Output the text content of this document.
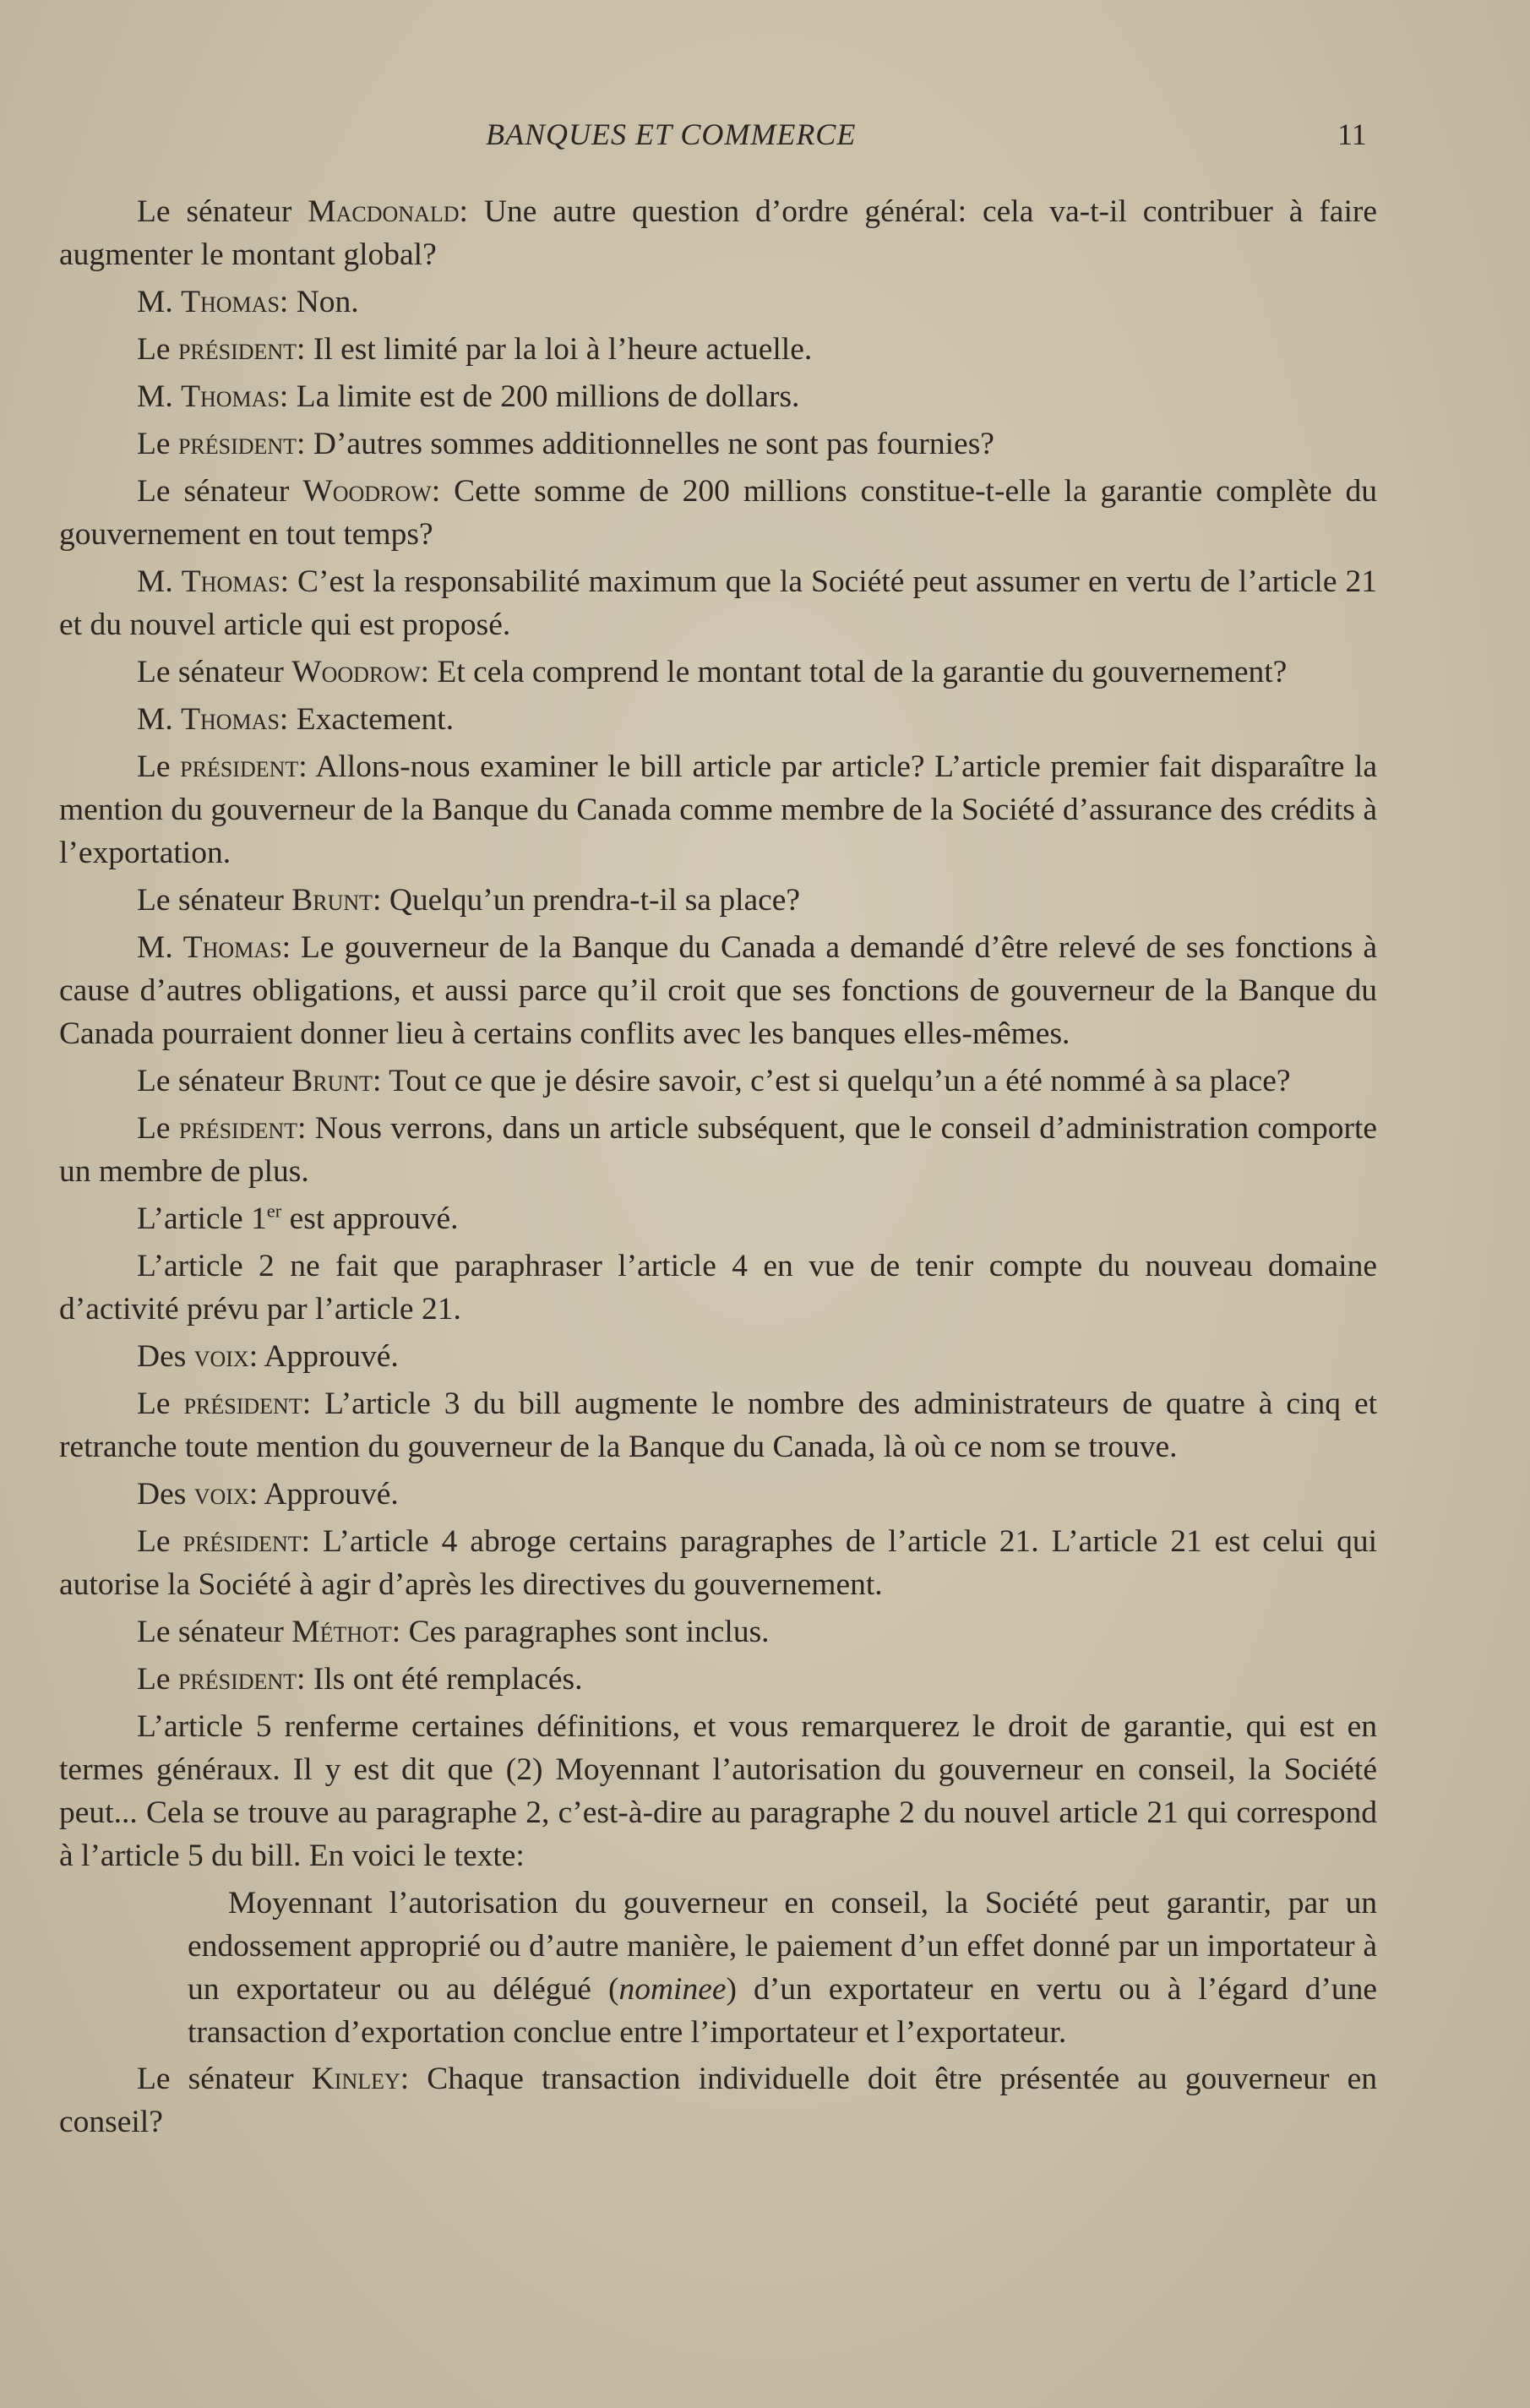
BANQUES ET COMMERCE	11

Le sénateur Macdonald: Une autre question d’ordre général: cela va-t-il contribuer à faire augmenter le montant global?

M. Thomas: Non.

Le président: Il est limité par la loi à l’heure actuelle.

M. Thomas: La limite est de 200 millions de dollars.

Le président: D’autres sommes additionnelles ne sont pas fournies?

Le sénateur Woodrow: Cette somme de 200 millions constitue-t-elle la garantie complète du gouvernement en tout temps?

M. Thomas: C’est la responsabilité maximum que la Société peut assumer en vertu de l’article 21 et du nouvel article qui est proposé.

Le sénateur Woodrow: Et cela comprend le montant total de la garantie du gouvernement?

M. Thomas: Exactement.

Le président: Allons-nous examiner le bill article par article? L’article premier fait disparaître la mention du gouverneur de la Banque du Canada comme membre de la Société d’assurance des crédits à l’exportation.

Le sénateur Brunt: Quelqu’un prendra-t-il sa place?

M. Thomas: Le gouverneur de la Banque du Canada a demandé d’être relevé de ses fonctions à cause d’autres obligations, et aussi parce qu’il croit que ses fonctions de gouverneur de la Banque du Canada pourraient donner lieu à certains conflits avec les banques elles-mêmes.

Le sénateur Brunt: Tout ce que je désire savoir, c’est si quelqu’un a été nommé à sa place?

Le président: Nous verrons, dans un article subséquent, que le conseil d’administration comporte un membre de plus.

L’article 1er est approuvé.

L’article 2 ne fait que paraphraser l’article 4 en vue de tenir compte du nouveau domaine d’activité prévu par l’article 21.

Des voix: Approuvé.

Le président: L’article 3 du bill augmente le nombre des administrateurs de quatre à cinq et retranche toute mention du gouverneur de la Banque du Canada, là où ce nom se trouve.

Des voix: Approuvé.

Le président: L’article 4 abroge certains paragraphes de l’article 21. L’article 21 est celui qui autorise la Société à agir d’après les directives du gouvernement.

Le sénateur Méthot: Ces paragraphes sont inclus.

Le président: Ils ont été remplacés.

L’article 5 renferme certaines définitions, et vous remarquerez le droit de garantie, qui est en termes généraux. Il y est dit que (2) Moyennant l’autorisation du gouverneur en conseil, la Société peut... Cela se trouve au paragraphe 2, c’est-à-dire au paragraphe 2 du nouvel article 21 qui correspond à l’article 5 du bill. En voici le texte:

Moyennant l’autorisation du gouverneur en conseil, la Société peut garantir, par un endossement approprié ou d’autre manière, le paiement d’un effet donné par un importateur à un exportateur ou au délégué (nominee) d’un exportateur en vertu ou à l’égard d’une transaction d’exportation conclue entre l’importateur et l’exportateur.

Le sénateur Kinley: Chaque transaction individuelle doit être présentée au gouverneur en conseil?
